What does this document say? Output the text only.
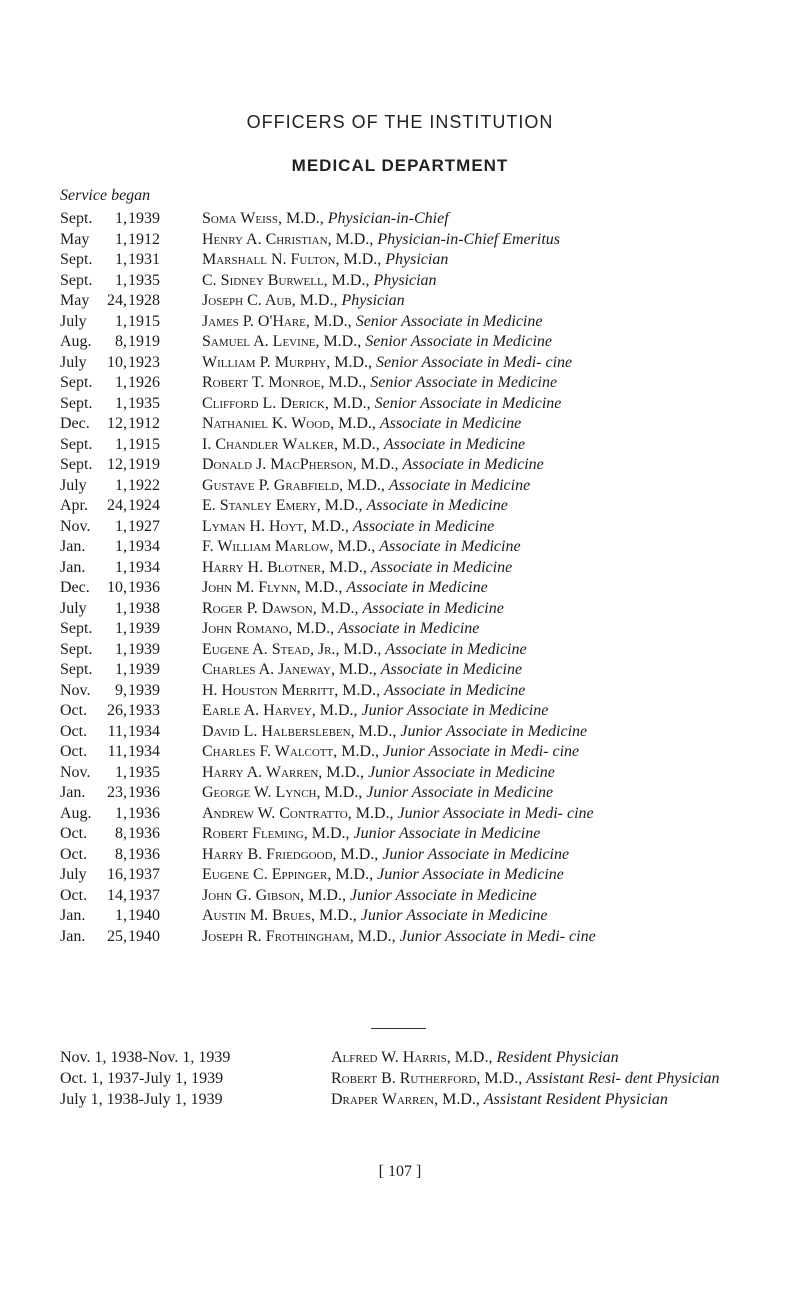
OFFICERS OF THE INSTITUTION
MEDICAL DEPARTMENT
Service began
Sept.	1, 1939	Soma Weiss, M.D., Physician-in-Chief
May	1, 1912	Henry A. Christian, M.D., Physician-in-Chief Emeritus
Sept.	1, 1931	Marshall N. Fulton, M.D., Physician
Sept.	1, 1935	C. Sidney Burwell, M.D., Physician
May	24, 1928	Joseph C. Aub, M.D., Physician
July	1, 1915	James P. O'Hare, M.D., Senior Associate in Medicine
Aug.	8, 1919	Samuel A. Levine, M.D., Senior Associate in Medicine
July	10, 1923	William P. Murphy, M.D., Senior Associate in Medi- cine
Sept.	1, 1926	Robert T. Monroe, M.D., Senior Associate in Medicine
Sept.	1, 1935	Clifford L. Derick, M.D., Senior Associate in Medicine
Dec.	12, 1912	Nathaniel K. Wood, M.D., Associate in Medicine
Sept.	1, 1915	I. Chandler Walker, M.D., Associate in Medicine
Sept. 12, 1919	Donald J. MacPherson, M.D., Associate in Medicine
July	1, 1922	Gustave P. Grabfield, M.D., Associate in Medicine
Apr.	24, 1924	E. Stanley Emery, M.D., Associate in Medicine
Nov.	1, 1927	Lyman H. Hoyt, M.D., Associate in Medicine
Jan.	1, 1934	F. William Marlow, M.D., Associate in Medicine
Jan.	1, 1934	Harry H. Blotner, M.D., Associate in Medicine
Dec.	10, 1936	John M. Flynn, M.D., Associate in Medicine
July	1, 1938	Roger P. Dawson, M.D., Associate in Medicine
Sept.	1, 1939	John Romano, M.D., Associate in Medicine
Sept.	1, 1939	Eugene A. Stead, Jr., M.D., Associate in Medicine
Sept.	1, 1939	Charles A. Janeway, M.D., Associate in Medicine
Nov.	9, 1939	H. Houston Merritt, M.D., Associate in Medicine
Oct.	26, 1933	Earle A. Harvey, M.D., Junior Associate in Medicine
Oct.	11, 1934	David L. Halbersleben, M.D., Junior Associate in Medicine
Oct.	11, 1934	Charles F. Walcott, M.D., Junior Associate in Medi- cine
Nov.	1, 1935	Harry A. Warren, M.D., Junior Associate in Medicine
Jan.	23, 1936	George W. Lynch, M.D., Junior Associate in Medicine
Aug.	1, 1936	Andrew W. Contratto, M.D., Junior Associate in Medi- cine
Oct.	8, 1936	Robert Fleming, M.D., Junior Associate in Medicine
Oct.	8, 1936	Harry B. Friedgood, M.D., Junior Associate in Medicine
July	16, 1937	Eugene C. Eppinger, M.D., Junior Associate in Medicine
Oct.	14, 1937	John G. Gibson, M.D., Junior Associate in Medicine
Jan.	1, 1940	Austin M. Brues, M.D., Junior Associate in Medicine
Jan.	25, 1940	Joseph R. Frothingham, M.D., Junior Associate in Medi- cine
Nov. 1, 1938-Nov. 1, 1939	Alfred W. Harris, M.D., Resident Physician
Oct. 1, 1937-July 1, 1939	Robert B. Rutherford, M.D., Assistant Resi- dent Physician
July 1, 1938-July 1, 1939	Draper Warren, M.D., Assistant Resident Physician
[ 107 ]
